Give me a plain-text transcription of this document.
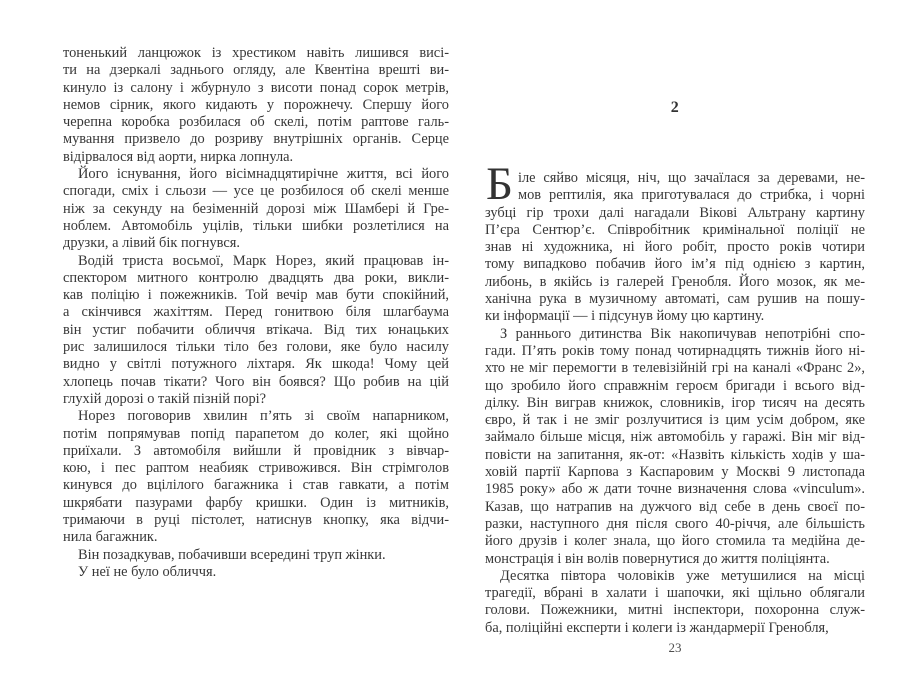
тоненький ланцюжок із хрестиком навіть лишився висі-
ти на дзеркалі заднього огляду, але Квентіна врешті ви-
кинуло із салону і жбурнуло з висоти понад сорок метрів,
немов сірник, якого кидають у порожнечу. Спершу його
черепна коробка розбилася об скелі, потім раптове галь-
мування призвело до розриву внутрішніх органів. Серце
відірвалося від аорти, нирка лопнула.
Його існування, його вісімнадцятирічне життя, всі його
спогади, сміх і сльози — усе це розбилося об скелі менше
ніж за секунду на безіменній дорозі між Шамбері й Гре-
ноблем. Автомобіль уцілів, тільки шибки розлетілися на
друзки, а лівий бік погнувся.
Водій триста восьмої, Марк Норез, який працював ін-
спектором митного контролю двадцять два роки, викли-
кав поліцію і пожежників. Той вечір мав бути спокійний,
а скінчився жахіттям. Перед гонитвою біля шлагбаума
він устиг побачити обличчя втікача. Від тих юнацьких
рис залишилося тільки тіло без голови, яке було насилу
видно у світлі потужного ліхтаря. Як шкода! Чому цей
хлопець почав тікати? Чого він боявся? Що робив на цій
глухій дорозі о такій пізній порі?
Норез поговорив хвилин п’ять зі своїм напарником,
потім попрямував попід парапетом до колег, які щойно
приїхали. З автомобіля вийшли й провідник з вівчар-
кою, і пес раптом неабияк стривожився. Він стрімголов
кинувся до вцілілого багажника і став гавкати, а потім
шкрябати пазурами фарбу кришки. Один із митників,
тримаючи в руці пістолет, натиснув кнопку, яка відчи-
нила багажник.
Він позадкував, побачивши всередині труп жінки.
У неї не було обличчя.
2
Б іле сяйво місяця, ніч, що зачаїлася за деревами, не-
мов рептилія, яка приготувалася до стрибка, і чорні
зубці гір трохи далі нагадали Вікові Альтрану картину
П’єра Сентюр’є. Співробітник кримінальної поліції не
знав ні художника, ні його робіт, просто років чотири
тому випадково побачив його ім’я під однією з картин,
либонь, в якійсь із галерей Гренобля. Його мозок, як ме-
ханічна рука в музичному автоматі, сам рушив на пошу-
ки інформації — і підсунув йому цю картину.
З раннього дитинства Вік накопичував непотрібні спо-
гади. П’ять років тому понад чотирнадцять тижнів його ні-
хто не міг перемогти в телевізійній грі на каналі «Франс 2»,
що зробило його справжнім героєм бригади і всього від-
ділку. Він виграв книжок, словників, ігор тисяч на десять
євро, й так і не зміг розлучитися із цим усім добром, яке
займало більше місця, ніж автомобіль у гаражі. Він міг від-
повісти на запитання, як-от: «Назвіть кількість ходів у ша-
ховій партії Карпова з Каспаровим у Москві 9 листопада
1985 року» або ж дати точне визначення слова «vinculum».
Казав, що натрапив на дужчого від себе в день своєї по-
разки, наступного дня після свого 40-річчя, але більшість
його друзів і колег знала, що його стомила та медійна де-
монстрація і він волів повернутися до життя поліціянта.
Десятка півтора чоловіків уже метушилися на місці
трагедії, вбрані в халати і шапочки, які щільно облягали
голови. Пожежники, митні інспектори, похоронна служ-
ба, поліційні експерти і колеги із жандармерії Гренобля,
23
